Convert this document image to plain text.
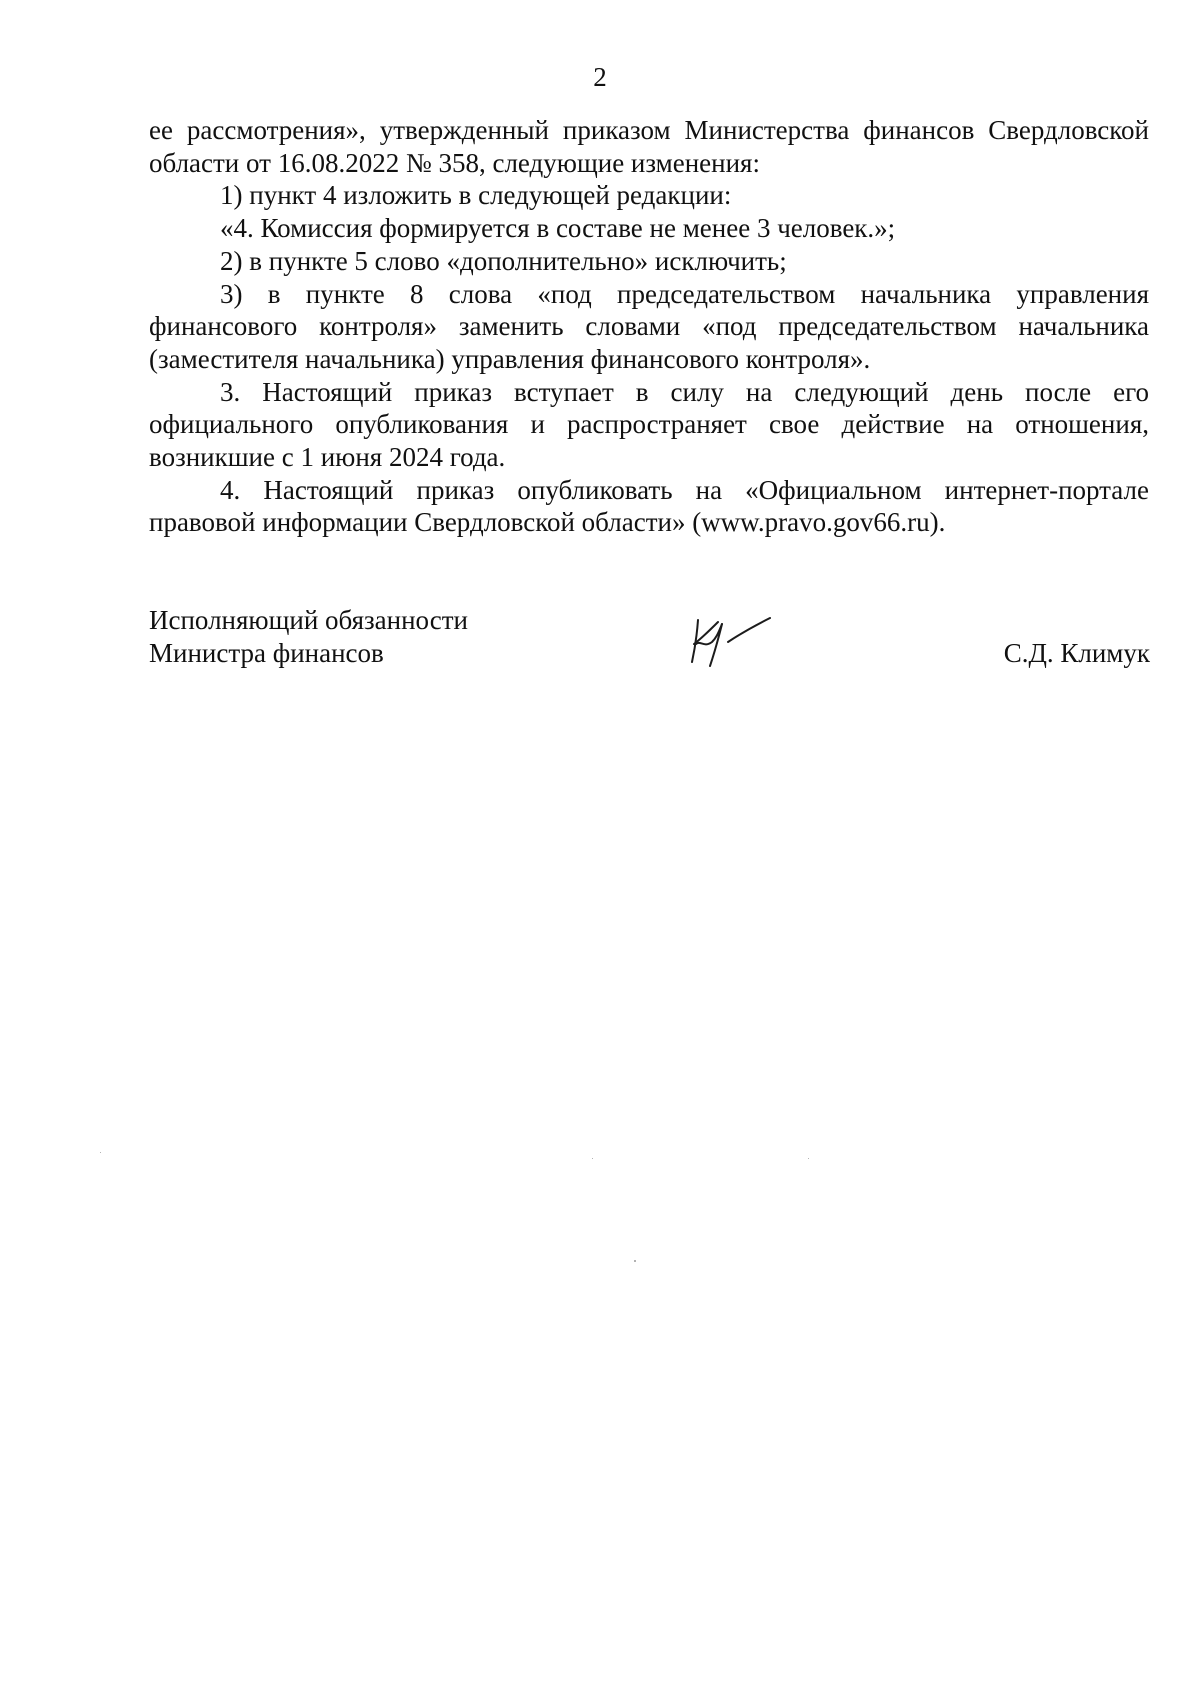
2

ее рассмотрения», утвержденный приказом Министерства финансов Свердловской области от 16.08.2022 № 358, следующие изменения:

1) пункт 4 изложить в следующей редакции:

«4. Комиссия формируется в составе не менее 3 человек.»;

2) в пункте 5 слово «дополнительно» исключить;

3) в пункте 8 слова «под председательством начальника управления финансового контроля» заменить словами «под председательством начальника (заместителя начальника) управления финансового контроля».

3. Настоящий приказ вступает в силу на следующий день после его официального опубликования и распространяет свое действие на отношения, возникшие с 1 июня 2024 года.

4. Настоящий приказ опубликовать на «Официальном интернет-портале правовой информации Свердловской области» (www.pravo.gov66.ru).

Исполняющий обязанности
Министра финансов	С.Д. Климук
